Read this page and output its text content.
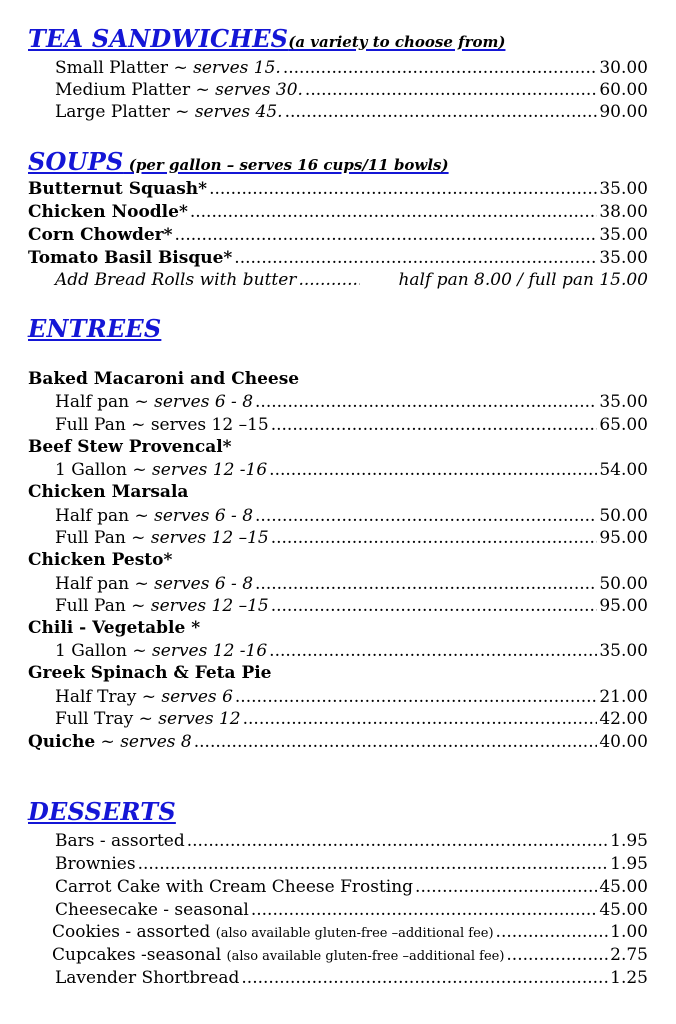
TEA SANDWICHES(a variety to choose from)
Small Platter ~ serves 15. .....	30.00
Medium Platter ~ serves 30. .....	60.00
Large Platter ~ serves 45. .....	90.00
SOUPS (per gallon – serves 16 cups/11 bowls)
Butternut Squash* .....	35.00
Chicken Noodle* .....	38.00
Corn Chowder* .....	35.00
Tomato Basil Bisque* .....	35.00
Add Bread Rolls with butter .....	half pan 8.00 / full pan 15.00
ENTREES
Baked Macaroni and Cheese
Half pan ~ serves 6 - 8 .....	35.00
Full Pan ~ serves 12 –15 .....	65.00
Beef Stew Provencal*
1 Gallon ~ serves 12 -16 .....	54.00
Chicken Marsala
Half pan ~ serves 6 - 8 .....	50.00
Full Pan ~ serves 12 –15 .....	95.00
Chicken Pesto*
Half pan ~ serves 6 - 8 .....	50.00
Full Pan ~ serves 12 –15 .....	95.00
Chili - Vegetable *
1 Gallon ~ serves 12 -16 .....	35.00
Greek Spinach & Feta Pie
Half Tray ~ serves 6 .....	21.00
Full Tray ~ serves 12 .....	42.00
Quiche ~ serves 8 .....	40.00
DESSERTS
Bars - assorted .....	1.95
Brownies .....	1.95
Carrot Cake with Cream Cheese Frosting .....	45.00
Cheesecake - seasonal .....	45.00
Cookies - assorted (also available gluten-free –additional fee) .....	1.00
Cupcakes -seasonal (also available gluten-free –additional fee) .....	2.75
Lavender Shortbread .....	1.25
